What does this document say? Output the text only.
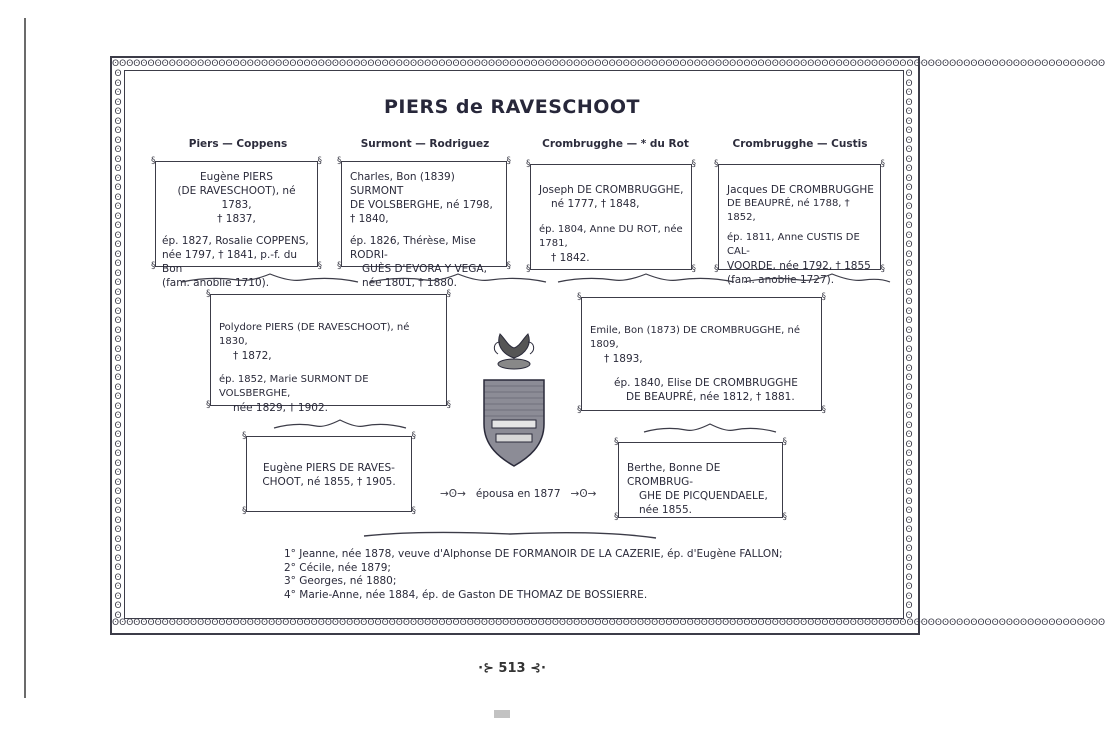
ʘ ʘ ʘ ʘ ʘ ʘ ʘ ʘ ʘ ʘ ʘ ʘ ʘ ʘ ʘ ʘ ʘ ʘ ʘ ʘ ʘ ʘ ʘ ʘ ʘ ʘ ʘ ʘ ʘ ʘ ʘ ʘ ʘ ʘ ʘ ʘ ʘ ʘ ʘ ʘ ʘ ʘ ʘ ʘ ʘ ʘ ʘ ʘ ʘ ʘ ʘ ʘ ʘ ʘ ʘ ʘ ʘ ʘ ʘ ʘ ʘ ʘ ʘ ʘ ʘ ʘ ʘ ʘ ʘ ʘ ʘ ʘ ʘ ʘ ʘ ʘ ʘ ʘ ʘ ʘ ʘ ʘ ʘ ʘ ʘ ʘ ʘ ʘ ʘ ʘ ʘ ʘ ʘ ʘ ʘ ʘ ʘ ʘ ʘ ʘ ʘ ʘ ʘ ʘ ʘ ʘ ʘ ʘ ʘ ʘ ʘ ʘ ʘ ʘ ʘ ʘ ʘ ʘ ʘ ʘ ʘ ʘ ʘ ʘ ʘ ʘ ʘ ʘ ʘ ʘ ʘ ʘ ʘ ʘ ʘ ʘ ʘ ʘ ʘ ʘ
ʘ ʘ ʘ ʘ ʘ ʘ ʘ ʘ ʘ ʘ ʘ ʘ ʘ ʘ ʘ ʘ ʘ ʘ ʘ ʘ ʘ ʘ ʘ ʘ ʘ ʘ ʘ ʘ ʘ ʘ ʘ ʘ ʘ ʘ ʘ ʘ ʘ ʘ ʘ ʘ ʘ ʘ ʘ ʘ ʘ ʘ ʘ ʘ ʘ ʘ ʘ ʘ ʘ ʘ ʘ ʘ ʘ ʘ ʘ ʘ ʘ ʘ ʘ ʘ ʘ ʘ ʘ ʘ ʘ ʘ ʘ ʘ ʘ ʘ ʘ ʘ ʘ ʘ ʘ ʘ ʘ ʘ ʘ ʘ ʘ ʘ ʘ ʘ ʘ ʘ ʘ ʘ ʘ ʘ ʘ ʘ ʘ ʘ ʘ ʘ ʘ ʘ ʘ ʘ ʘ ʘ ʘ ʘ ʘ ʘ ʘ ʘ ʘ ʘ ʘ ʘ ʘ ʘ ʘ ʘ ʘ ʘ ʘ ʘ ʘ ʘ ʘ ʘ ʘ ʘ ʘ ʘ ʘ ʘ ʘ ʘ ʘ ʘ ʘ ʘ
ʘ
ʘ
ʘ
ʘ
ʘ
ʘ
ʘ
ʘ
ʘ
ʘ
ʘ
ʘ
ʘ
ʘ
ʘ
ʘ
ʘ
ʘ
ʘ
ʘ
ʘ
ʘ
ʘ
ʘ
ʘ
ʘ
ʘ
ʘ
ʘ
ʘ
ʘ
ʘ
ʘ
ʘ
ʘ
ʘ
ʘ
ʘ
ʘ
ʘ
ʘ
ʘ
ʘ
ʘ
ʘ
ʘ
ʘ
ʘ
ʘ
ʘ
ʘ
ʘ
ʘ
ʘ
ʘ
ʘ
ʘ
ʘ
ʘ
ʘ
ʘ
ʘ
ʘ
ʘ
ʘ
ʘ
ʘ
ʘ
ʘ
ʘ
ʘ
ʘ
ʘ
ʘ
ʘ
ʘ
ʘ
ʘ
ʘ
ʘ
ʘ
ʘ
ʘ
ʘ
ʘ
ʘ
ʘ
ʘ
ʘ
ʘ
ʘ
ʘ
ʘ
ʘ
ʘ
ʘ
ʘ
ʘ
ʘ
ʘ
ʘ
ʘ
ʘ
ʘ
ʘ
ʘ
ʘ
ʘ
ʘ
ʘ
ʘ
ʘ
ʘ
ʘ
ʘ
ʘ
PIERS de RAVESCHOOT
Piers — Coppens	Surmont — Rodriguez	Crombrugghe — * du Rot	Crombrugghe — Custis
§	§
§	§

Eugène PIERS

(DE RAVESCHOOT), né 1783,

† 1837,

ép. 1827, Rosalie COPPENS,

née 1797, † 1841, p.-f. du Bon

(fam. anoblie 1710).

§	§
§	§

Charles, Bon (1839) SURMONT

DE VOLSBERGHE, né 1798,

† 1840,

ép. 1826, Thérèse, Mise RODRI-

GUÈS D'EVORA Y VEGA,

née 1801, † 1880.

§	§
§	§

Joseph DE CROMBRUGGHE,

né 1777, † 1848,

ép. 1804, Anne DU ROT, née 1781,

† 1842.

§	§
§	§

Jacques DE CROMBRUGGHE

DE BEAUPRÉ, né 1788, † 1852,

ép. 1811, Anne CUSTIS DE CAL-

VOORDE, née 1792, † 1855

(fam. anoblie 1727).

§	§
§	§

Polydore PIERS (DE RAVESCHOOT), né 1830,

† 1872,

ép. 1852, Marie SURMONT DE VOLSBERGHE,

née 1829, † 1902.

§	§
§	§

Emile, Bon (1873) DE CROMBRUGGHE, né 1809,

† 1893,

ép. 1840, Elise DE CROMBRUGGHE

DE BEAUPRÉ, née 1812, † 1881.

§	§
§	§

Eugène PIERS DE RAVES-

CHOOT, né 1855, † 1905.

→ʘ→ épousa en 1877 →ʘ→
§	§
§	§

Berthe, Bonne DE CROMBRUG-

GHE DE PICQUENDAELE,

née 1855.

1° Jeanne, née 1878, veuve d'Alphonse DE FORMANOIR DE LA CAZERIE, ép. d'Eugène FALLON;

2° Cécile, née 1879;

3° Georges, né 1880;

4° Marie-Anne, née 1884, ép. de Gaston DE THOMAZ DE BOSSIERRE.

·⊱ 513 ⊰·
